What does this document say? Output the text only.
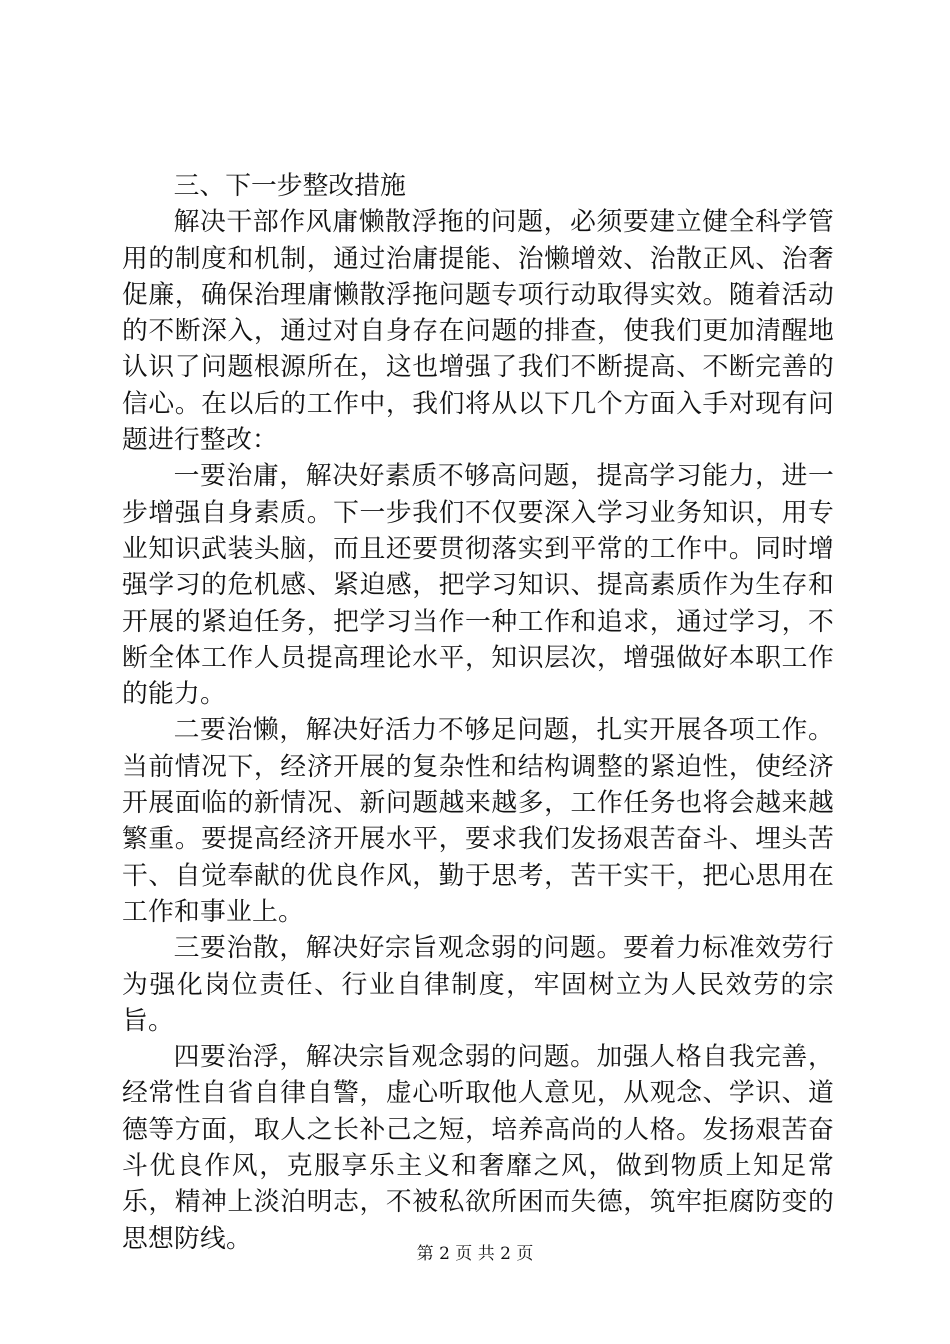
三、下一步整改措施

解决干部作风庸懒散浮拖的问题，必须要建立健全科学管用的制度和机制，通过治庸提能、治懒增效、治散正风、治奢促廉，确保治理庸懒散浮拖问题专项行动取得实效。随着活动的不断深入，通过对自身存在问题的排查，使我们更加清醒地认识了问题根源所在，这也增强了我们不断提高、不断完善的信心。在以后的工作中，我们将从以下几个方面入手对现有问题进行整改：

一要治庸，解决好素质不够高问题，提高学习能力，进一步增强自身素质。下一步我们不仅要深入学习业务知识，用专业知识武装头脑，而且还要贯彻落实到平常的工作中。同时增强学习的危机感、紧迫感，把学习知识、提高素质作为生存和开展的紧迫任务，把学习当作一种工作和追求，通过学习，不断全体工作人员提高理论水平，知识层次，增强做好本职工作的能力。

二要治懒，解决好活力不够足问题，扎实开展各项工作。当前情况下，经济开展的复杂性和结构调整的紧迫性，使经济开展面临的新情况、新问题越来越多，工作任务也将会越来越繁重。要提高经济开展水平，要求我们发扬艰苦奋斗、埋头苦干、自觉奉献的优良作风，勤于思考，苦干实干，把心思用在工作和事业上。

三要治散，解决好宗旨观念弱的问题。要着力标准效劳行为强化岗位责任、行业自律制度，牢固树立为人民效劳的宗旨。

四要治浮，解决宗旨观念弱的问题。加强人格自我完善，经常性自省自律自警，虚心听取他人意见，从观念、学识、道德等方面，取人之长补己之短，培养高尚的人格。发扬艰苦奋斗优良作风，克服享乐主义和奢靡之风，做到物质上知足常乐，精神上淡泊明志，不被私欲所困而失德，筑牢拒腐防变的思想防线。

第 2 页 共 2 页
